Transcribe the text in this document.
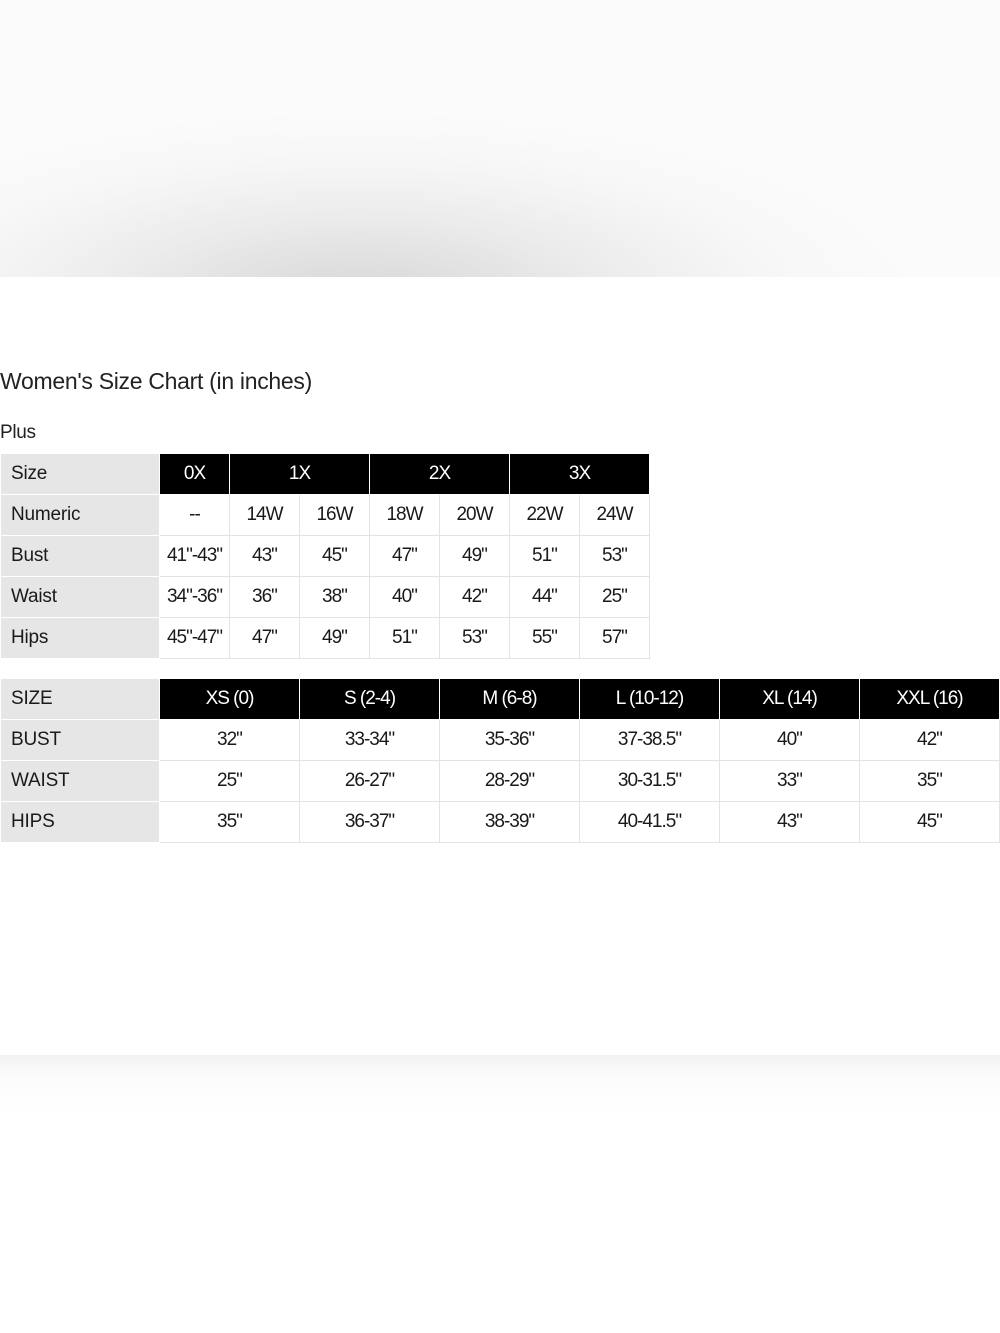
Women's Size Chart (in inches)
Plus
Size	0X	1X		2X		3X	
Numeric	--	14W	16W	18W	20W	22W	24W
Bust	41"-43"	43"	45"	47"	49"	51"	53"
Waist	34"-36"	36"	38"	40"	42"	44"	25"
Hips	45"-47"	47"	49"	51"	53"	55"	57"
SIZE	XS (0)	S (2-4)	M (6-8)	L (10-12)	XL (14)	XXL (16)
BUST	32"	33-34"	35-36"	37-38.5"	40"	42"
WAIST	25"	26-27"	28-29"	30-31.5"	33"	35"
HIPS	35"	36-37"	38-39"	40-41.5"	43"	45"
